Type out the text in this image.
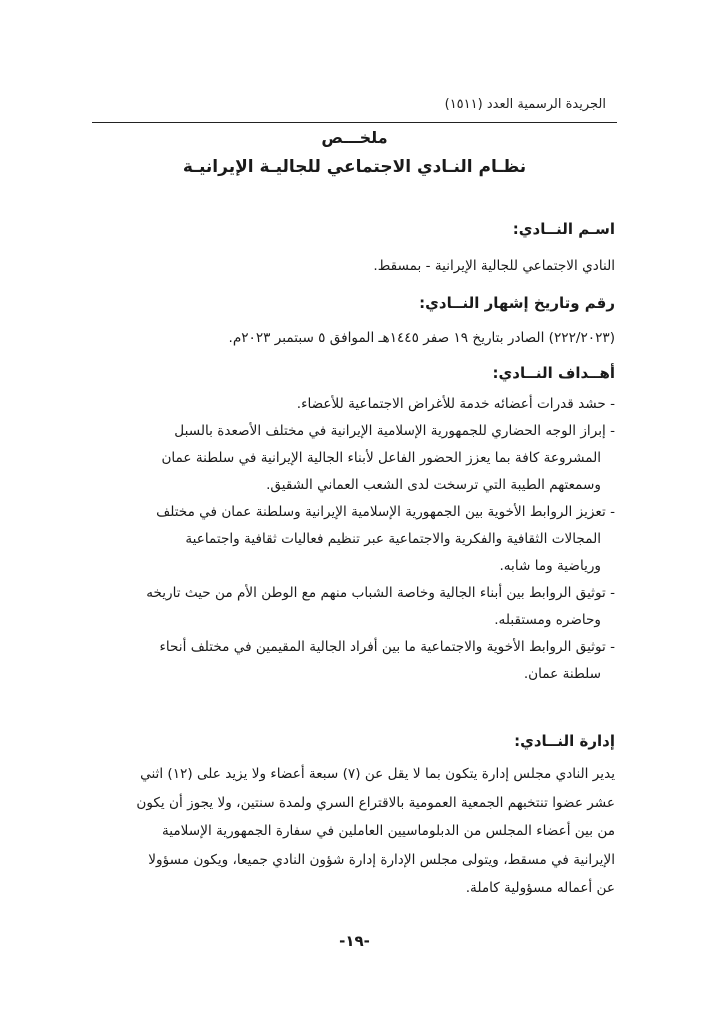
الجريدة الرسمية العدد (١٥١١)
ملخـــص
نظـام النـادي الاجتماعي للجاليـة الإيرانيـة
اسـم النــادي:
النادي الاجتماعي للجالية الإيرانية - بمسقط.
رقم وتاريخ إشهار النــادي:
(٢٢٢/٢٠٢٣) الصادر بتاريخ ١٩ صفر ١٤٤٥هـ الموافق ٥ سبتمبر ٢٠٢٣م.
أهــداف النــادي:
- حشد قدرات أعضائه خدمة للأغراض الاجتماعية للأعضاء.
- إبراز الوجه الحضاري للجمهورية الإسلامية الإيرانية في مختلف الأصعدة بالسبل
المشروعة كافة بما يعزز الحضور الفاعل لأبناء الجالية الإيرانية في سلطنة عمان
وسمعتهم الطيبة التي ترسخت لدى الشعب العماني الشقيق.
- تعزيز الروابط الأخوية بين الجمهورية الإسلامية الإيرانية وسلطنة عمان في مختلف
المجالات الثقافية والفكرية والاجتماعية عبر تنظيم فعاليات ثقافية واجتماعية
ورياضية وما شابه.
- توثيق الروابط بين أبناء الجالية وخاصة الشباب منهم مع الوطن الأم من حيث تاريخه
وحاضره ومستقبله.
- توثيق الروابط الأخوية والاجتماعية ما بين أفراد الجالية المقيمين في مختلف أنحاء
سلطنة عمان.
إدارة النــادي:
يدير النادي مجلس إدارة يتكون بما لا يقل عن (٧) سبعة أعضاء ولا يزيد على (١٢) اثني
عشر عضوا تنتخبهم الجمعية العمومية بالاقتراع السري ولمدة سنتين، ولا يجوز أن يكون
من بين أعضاء المجلس من الدبلوماسيين العاملين في سفارة الجمهورية الإسلامية
الإيرانية في مسقط، ويتولى مجلس الإدارة إدارة شؤون النادي جميعا، ويكون مسؤولا
عن أعماله مسؤولية كاملة.
-١٩-
